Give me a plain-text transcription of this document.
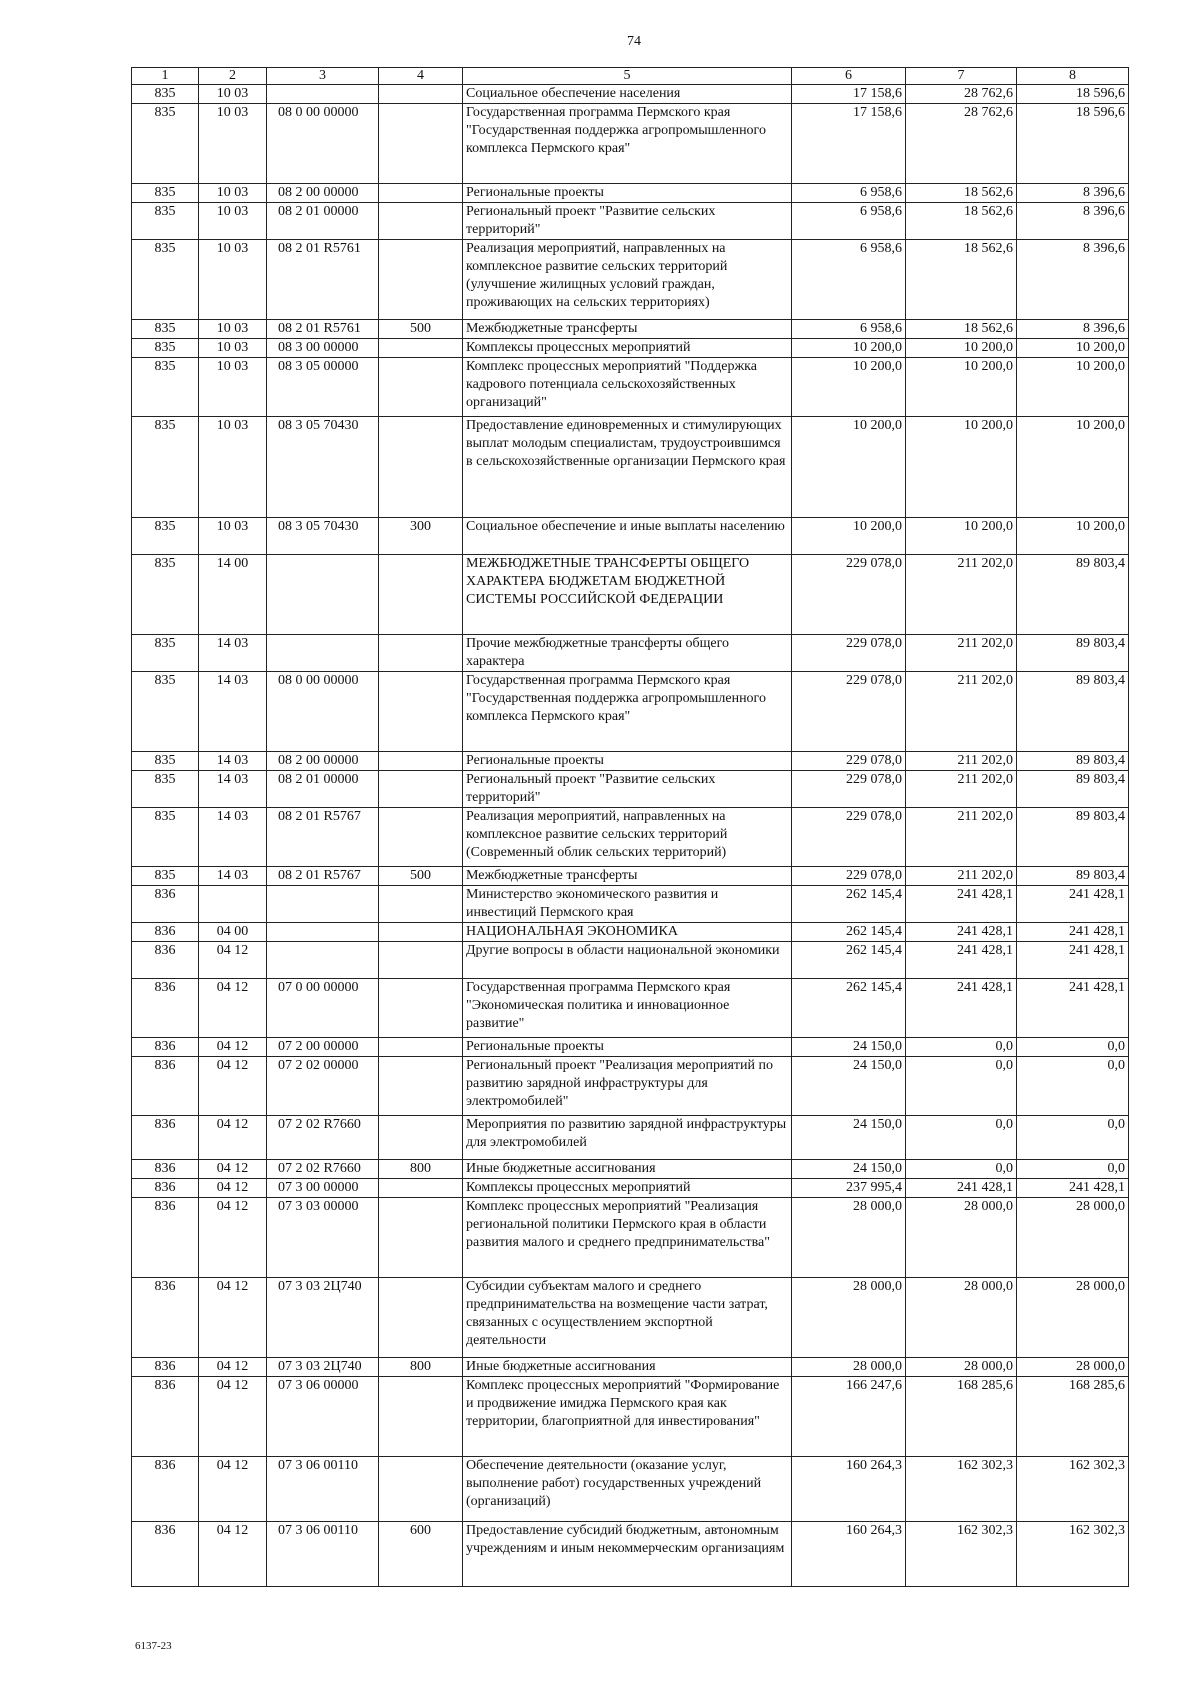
74
1	2	3	4	5	6	7	8
835	10 03			Социальное обеспечение населения	17 158,6	28 762,6	18 596,6
835	10 03	08 0 00 00000		Государственная программа Пермского края "Государственная поддержка агропромышленного комплекса Пермского края"	17 158,6	28 762,6	18 596,6
835	10 03	08 2 00 00000		Региональные проекты	6 958,6	18 562,6	8 396,6
835	10 03	08 2 01 00000		Региональный проект "Развитие сельских территорий"	6 958,6	18 562,6	8 396,6
835	10 03	08 2 01 R5761		Реализация мероприятий, направленных на комплексное развитие сельских территорий (улучшение жилищных условий граждан, проживающих на сельских территориях)	6 958,6	18 562,6	8 396,6
835	10 03	08 2 01 R5761	500	Межбюджетные трансферты	6 958,6	18 562,6	8 396,6
835	10 03	08 3 00 00000		Комплексы процессных мероприятий	10 200,0	10 200,0	10 200,0
835	10 03	08 3 05 00000		Комплекс процессных мероприятий "Поддержка кадрового потенциала сельскохозяйственных организаций"	10 200,0	10 200,0	10 200,0
835	10 03	08 3 05 70430		Предоставление единовременных и стимулирующих выплат молодым специалистам, трудоустроившимся в сельскохозяйственные организации Пермского края	10 200,0	10 200,0	10 200,0
835	10 03	08 3 05 70430	300	Социальное обеспечение и иные выплаты населению	10 200,0	10 200,0	10 200,0
835	14 00			МЕЖБЮДЖЕТНЫЕ ТРАНСФЕРТЫ ОБЩЕГО ХАРАКТЕРА БЮДЖЕТАМ БЮДЖЕТНОЙ СИСТЕМЫ РОССИЙСКОЙ ФЕДЕРАЦИИ	229 078,0	211 202,0	89 803,4
835	14 03			Прочие межбюджетные трансферты общего характера	229 078,0	211 202,0	89 803,4
835	14 03	08 0 00 00000		Государственная программа Пермского края "Государственная поддержка агропромышленного комплекса Пермского края"	229 078,0	211 202,0	89 803,4
835	14 03	08 2 00 00000		Региональные проекты	229 078,0	211 202,0	89 803,4
835	14 03	08 2 01 00000		Региональный проект "Развитие сельских территорий"	229 078,0	211 202,0	89 803,4
835	14 03	08 2 01 R5767		Реализация мероприятий, направленных на комплексное развитие сельских территорий (Современный облик сельских территорий)	229 078,0	211 202,0	89 803,4
835	14 03	08 2 01 R5767	500	Межбюджетные трансферты	229 078,0	211 202,0	89 803,4
836				Министерство экономического развития и инвестиций Пермского края	262 145,4	241 428,1	241 428,1
836	04 00			НАЦИОНАЛЬНАЯ ЭКОНОМИКА	262 145,4	241 428,1	241 428,1
836	04 12			Другие вопросы в области национальной экономики	262 145,4	241 428,1	241 428,1
836	04 12	07 0 00 00000		Государственная программа Пермского края "Экономическая политика и инновационное развитие"	262 145,4	241 428,1	241 428,1
836	04 12	07 2 00 00000		Региональные проекты	24 150,0	0,0	0,0
836	04 12	07 2 02 00000		Региональный проект "Реализация мероприятий по развитию зарядной инфраструктуры для электромобилей"	24 150,0	0,0	0,0
836	04 12	07 2 02 R7660		Мероприятия по развитию зарядной инфраструктуры для электромобилей	24 150,0	0,0	0,0
836	04 12	07 2 02 R7660	800	Иные бюджетные ассигнования	24 150,0	0,0	0,0
836	04 12	07 3 00 00000		Комплексы процессных мероприятий	237 995,4	241 428,1	241 428,1
836	04 12	07 3 03 00000		Комплекс процессных мероприятий "Реализация региональной политики Пермского края в области развития малого и среднего предпринимательства"	28 000,0	28 000,0	28 000,0
836	04 12	07 3 03 2Ц740		Субсидии субъектам малого и среднего предпринимательства на возмещение части затрат, связанных с осуществлением экспортной деятельности	28 000,0	28 000,0	28 000,0
836	04 12	07 3 03 2Ц740	800	Иные бюджетные ассигнования	28 000,0	28 000,0	28 000,0
836	04 12	07 3 06 00000		Комплекс процессных мероприятий "Формирование и продвижение имиджа Пермского края как территории, благоприятной для инвестирования"	166 247,6	168 285,6	168 285,6
836	04 12	07 3 06 00110		Обеспечение деятельности (оказание услуг, выполнение работ) государственных учреждений (организаций)	160 264,3	162 302,3	162 302,3
836	04 12	07 3 06 00110	600	Предоставление субсидий бюджетным, автономным учреждениям и иным некоммерческим организациям	160 264,3	162 302,3	162 302,3
6137-23
